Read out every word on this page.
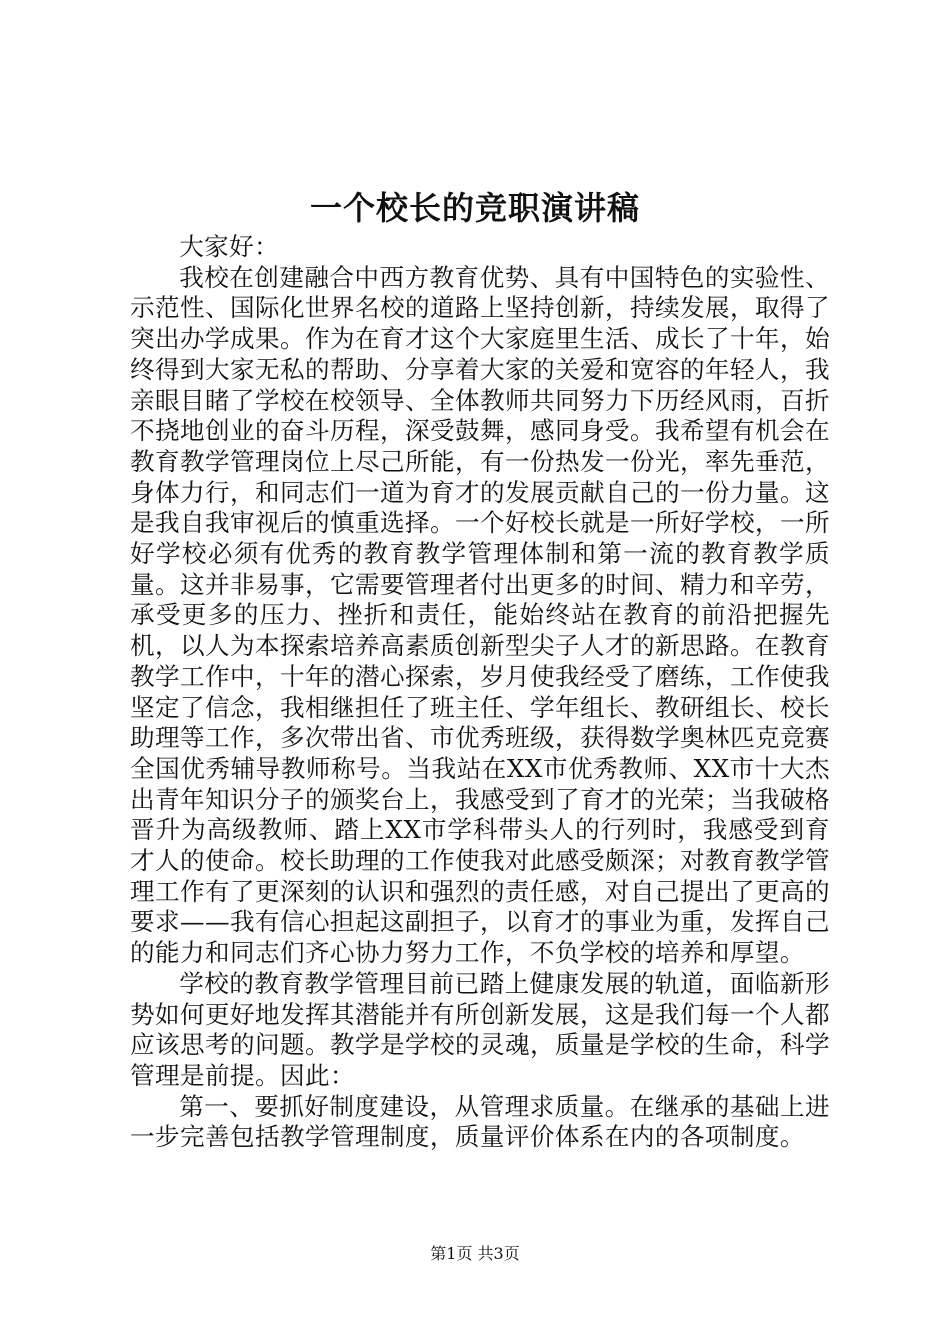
一个校长的竞职演讲稿

大家好：

我校在创建融合中西方教育优势、具有中国特色的实验性、示范性、国际化世界名校的道路上坚持创新，持续发展，取得了突出办学成果。作为在育才这个大家庭里生活、成长了十年，始终得到大家无私的帮助、分享着大家的关爱和宽容的年轻人，我亲眼目睹了学校在校领导、全体教师共同努力下历经风雨，百折不挠地创业的奋斗历程，深受鼓舞，感同身受。我希望有机会在教育教学管理岗位上尽己所能，有一份热发一份光，率先垂范，身体力行，和同志们一道为育才的发展贡献自己的一份力量。这是我自我审视后的慎重选择。一个好校长就是一所好学校，一所好学校必须有优秀的教育教学管理体制和第一流的教育教学质量。这并非易事，它需要管理者付出更多的时间、精力和辛劳，承受更多的压力、挫折和责任，能始终站在教育的前沿把握先机，以人为本探索培养高素质创新型尖子人才的新思路。在教育教学工作中，十年的潜心探索，岁月使我经受了磨练，工作使我坚定了信念，我相继担任了班主任、学年组长、教研组长、校长助理等工作，多次带出省、市优秀班级，获得数学奥林匹克竞赛全国优秀辅导教师称号。当我站在XX市优秀教师、XX市十大杰出青年知识分子的颁奖台上，我感受到了育才的光荣；当我破格晋升为高级教师、踏上XX市学科带头人的行列时，我感受到育才人的使命。校长助理的工作使我对此感受颇深；对教育教学管理工作有了更深刻的认识和强烈的责任感，对自己提出了更高的要求——我有信心担起这副担子，以育才的事业为重，发挥自己的能力和同志们齐心协力努力工作，不负学校的培养和厚望。

学校的教育教学管理目前已踏上健康发展的轨道，面临新形势如何更好地发挥其潜能并有所创新发展，这是我们每一个人都应该思考的问题。教学是学校的灵魂，质量是学校的生命，科学管理是前提。因此：

第一、要抓好制度建设，从管理求质量。在继承的基础上进一步完善包括教学管理制度，质量评价体系在内的各项制度。

第1页 共3页
